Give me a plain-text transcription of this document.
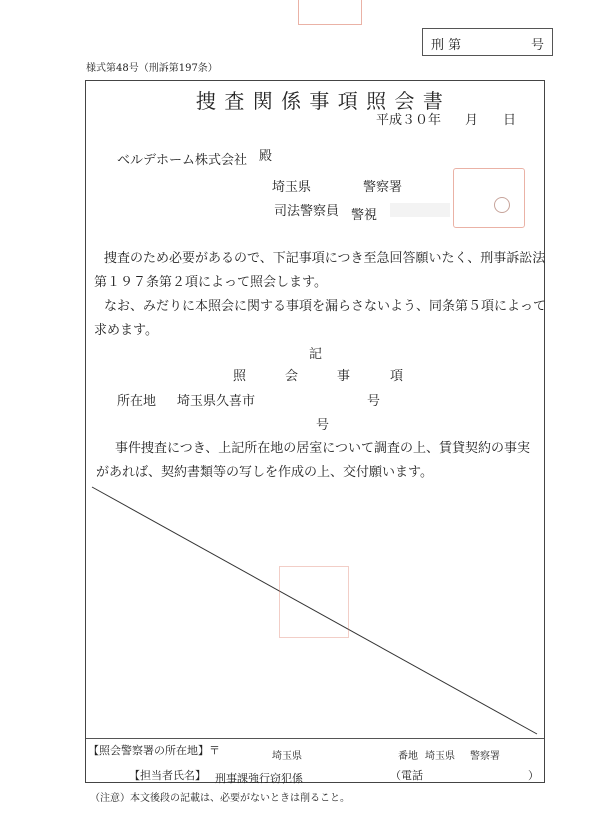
刑 第	号
様式第48号（刑訴第197条）
捜 査 関 係 事 項 照 会 書
平成３０年 月 日
ベルデホーム株式会社 殿
埼玉県	警察署
司法警察員 警視
捜査のため必要があるので、下記事項につき至急回答願いたく、刑事訴訟法
第１９７条第２項によって照会します。
なお、みだりに本照会に関する事項を漏らさないよう、同条第５項によって
求めます。
記
照	会	事	項
所在地 埼玉県久喜市	号
号
事件捜査につき、上記所在地の居室について調査の上、賃貸契約の事実
があれば、契約書類等の写しを作成の上、交付願います。
【照会警察署の所在地】〒	埼玉県	番地 埼玉県 警察署
【担当者氏名】 刑事課強行窃犯係	（電話	）
（注意）本文後段の記載は、必要がないときは削ること。
